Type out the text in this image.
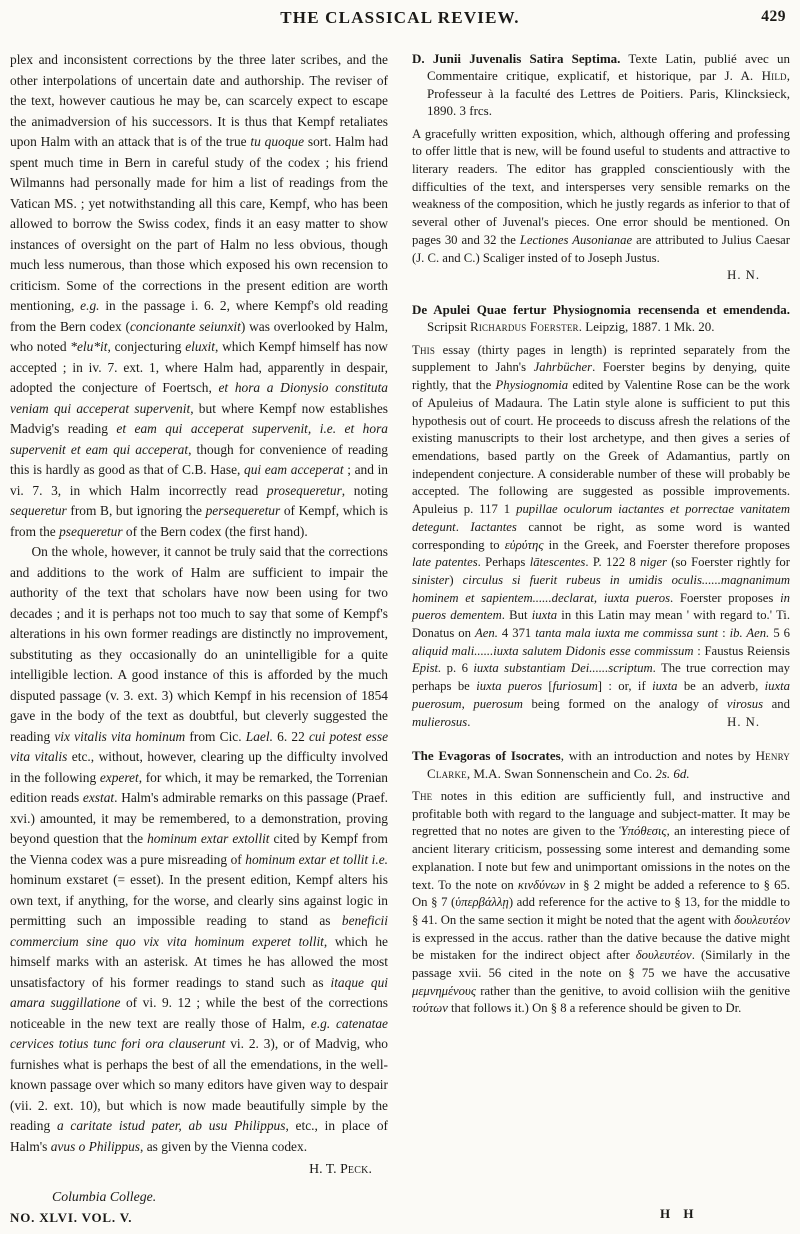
THE CLASSICAL REVIEW.	429

plex and inconsistent corrections by the three later scribes, and the other interpolations of uncertain date and authorship. The reviser of the text, however cautious he may be, can scarcely expect to escape the animadversion of his successors. It is thus that Kempf retaliates upon Halm with an attack that is of the true tu quoque sort. Halm had spent much time in Bern in careful study of the codex ; his friend Wilmanns had personally made for him a list of readings from the Vatican MS. ; yet notwithstanding all this care, Kempf, who has been allowed to borrow the Swiss codex, finds it an easy matter to show instances of oversight on the part of Halm no less obvious, though much less numerous, than those which exposed his own recension to criticism. Some of the corrections in the present edition are worth mentioning, e.g. in the passage i. 6. 2, where Kempf's old reading from the Bern codex (concionante seiunxit) was overlooked by Halm, who noted *elu*it, conjecturing eluxit, which Kempf himself has now accepted ; in iv. 7. ext. 1, where Halm had, apparently in despair, adopted the conjecture of Foertsch, et hora a Dionysio constituta veniam qui acceperat supervenit, but where Kempf now establishes Madvig's reading et eam qui acceperat supervenit, i.e. et hora supervenit et eam qui acceperat, though for convenience of reading this is hardly as good as that of C.B. Hase, qui eam acceperat ; and in vi. 7. 3, in which Halm incorrectly read prosequeretur, noting sequeretur from B, but ignoring the persequeretur of Kempf, which is from the psequeretur of the Bern codex (the first hand).

On the whole, however, it cannot be truly said that the corrections and additions to the work of Halm are sufficient to impair the authority of the text that scholars have now been using for two decades ; and it is perhaps not too much to say that some of Kempf's alterations in his own former readings are distinctly no improvement, substituting as they occasionally do an unintelligible for a quite intelligible lection. A good instance of this is afforded by the much disputed passage (v. 3. ext. 3) which Kempf in his recension of 1854 gave in the body of the text as doubtful, but cleverly suggested the reading vix vitalis vita hominum from Cic. Lael. 6. 22 cui potest esse vita vitalis etc., without, however, clearing up the difficulty involved in the following experet, for which, it may be remarked, the Torrenian edition reads exstat. Halm's admirable remarks on this passage (Praef. xvi.) amounted, it may be remembered, to a demonstration, proving beyond question that the hominum extar extollit cited by Kempf from the Vienna codex was a pure misreading of hominum extar et tollit i.e. hominum exstaret (= esset). In the present edition, Kempf alters his own text, if anything, for the worse, and clearly sins against logic in permitting such an impossible reading to stand as beneficii commercium sine quo vix vita hominum experet tollit, which he himself marks with an asterisk. At times he has allowed the most unsatisfactory of his former readings to stand such as itaque qui amara suggillatione of vi. 9. 12 ; while the best of the corrections noticeable in the new text are really those of Halm, e.g. catenatae cervices totius tunc fori ora clauserunt vi. 2. 3), or of Madvig, who furnishes what is perhaps the best of all the emendations, in the well-known passage over which so many editors have given way to despair (vii. 2. ext. 10), but which is now made beautifully simple by the reading a caritate istud pater, ab usu Philippus, etc., in place of Halm's avus o Philippus, as given by the Vienna codex.

H. T. Peck.
Columbia College.
D. Junii Juvenalis Satira Septima. Texte Latin, publié avec un Commentaire critique, explicatif, et historique, par J. A. Hild, Professeur à la faculté des Lettres de Poitiers. Paris, Klincksieck, 1890. 3 frcs.

A gracefully written exposition, which, although offering and professing to offer little that is new, will be found useful to students and attractive to literary readers. The editor has grappled conscientiously with the difficulties of the text, and intersperses very sensible remarks on the weakness of the composition, which he justly regards as inferior to that of several other of Juvenal's pieces. One error should be mentioned. On pages 30 and 32 the Lectiones Ausonianae are attributed to Julius Caesar (J. C. and C.) Scaliger insted of to Joseph Justus.

H. N.
De Apulei Quae fertur Physiognomia recensenda et emendenda. Scripsit Richardus Foerster. Leipzig, 1887. 1 Mk. 20.

This essay (thirty pages in length) is reprinted separately from the supplement to Jahn's Jahrbücher. Foerster begins by denying, quite rightly, that the Physiognomia edited by Valentine Rose can be the work of Apuleius of Madaura. The Latin style alone is sufficient to put this hypothesis out of court. He proceeds to discuss afresh the relations of the existing manuscripts to their lost archetype, and then gives a series of emendations, based partly on the Greek of Adamantius, partly on independent conjecture. A considerable number of these will probably be accepted. The following are suggested as possible improvements. Apuleius p. 117 1 pupillae oculorum iactantes et porrectae vanitatem detegunt. Iactantes cannot be right, as some word is wanted corresponding to εὐρύτης in the Greek, and Foerster therefore proposes late patentes. Perhaps lātescentes. P. 122 8 niger (so Foerster rightly for sinister) circulus si fuerit rubeus in umidis oculis......magnanimum hominem et sapientem......declarat, iuxta pueros. Foerster proposes in pueros dementem. But iuxta in this Latin may mean ' with regard to.' Ti. Donatus on Aen. 4 371 tanta mala iuxta me commissa sunt : ib. Aen. 5 6 aliquid mali......iuxta salutem Didonis esse commissum : Faustus Reiensis Epist. p. 6 iuxta substantiam Dei......scriptum. The true correction may perhaps be iuxta pueros [furiosum] : or, if iuxta be an adverb, iuxta puerosum, puerosum being formed on the analogy of virosus and mulierosus.	H. N.

The Evagoras of Isocrates, with an introduction and notes by Henry Clarke, M.A. Swan Sonnenschein and Co. 2s. 6d.

The notes in this edition are sufficiently full, and instructive and profitable both with regard to the language and subject-matter. It may be regretted that no notes are given to the Ὑπόθεσις, an interesting piece of ancient literary criticism, possessing some interest and demanding some explanation. I note but few and unimportant omissions in the notes on the text. To the note on κινδύνων in § 2 might be added a reference to § 65. On § 7 (ὑπερβάλλῃ) add reference for the active to § 13, for the middle to § 41. On the same section it might be noted that the agent with δουλευτέον is expressed in the accus. rather than the dative because the dative might be mistaken for the indirect object after δουλευτέον. (Similarly in the passage xvii. 56 cited in the note on § 75 we have the accusative μεμνημένους rather than the genitive, to avoid collision wiih the genitive τούτων that follows it.) On § 8 a reference should be given to Dr.

NO. XLVI. VOL. V.	H H
